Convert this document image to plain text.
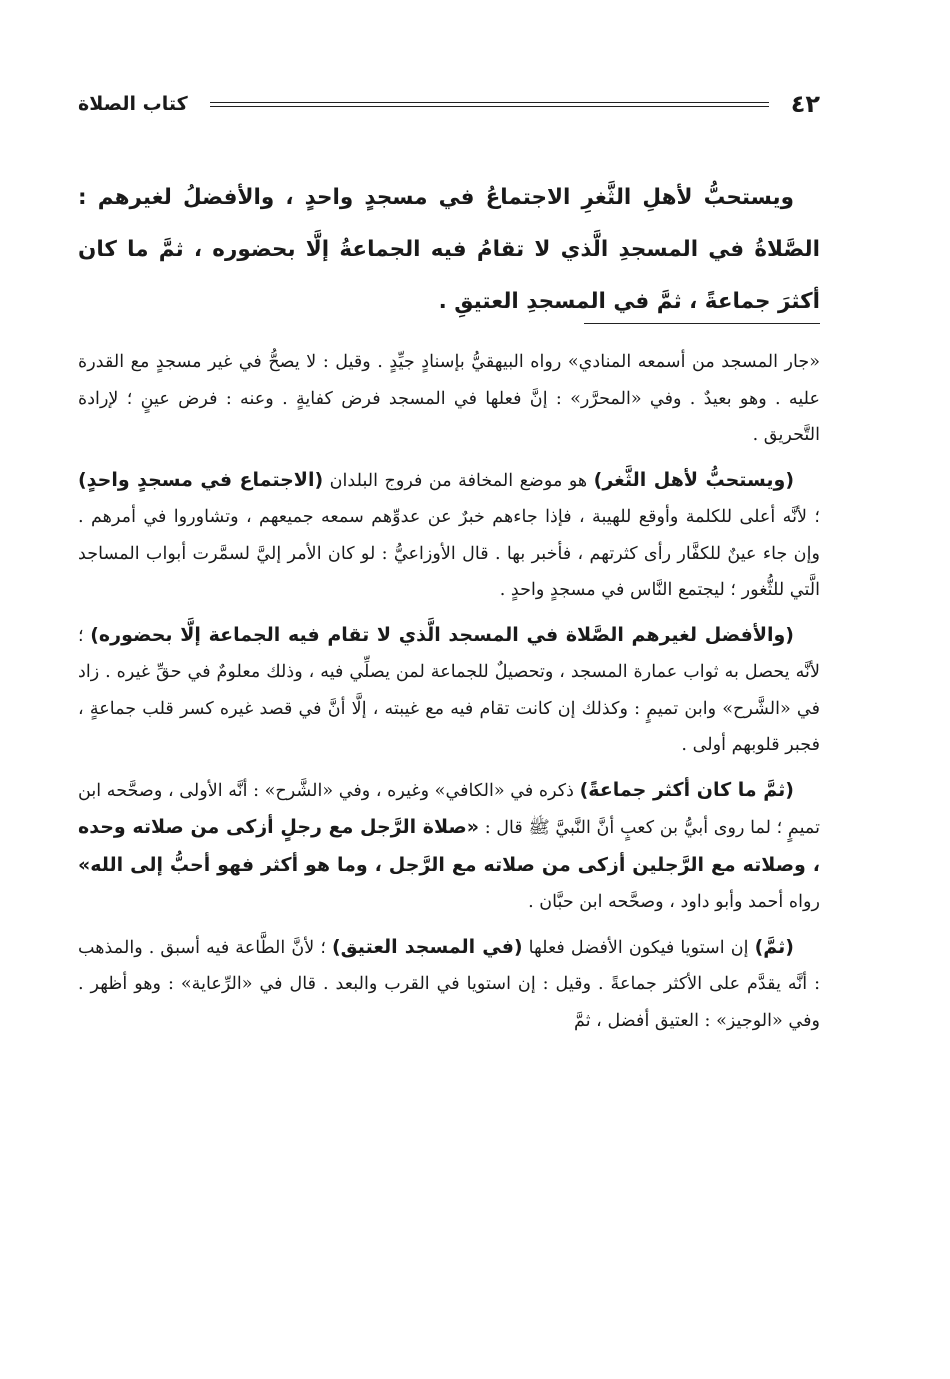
٤٢
كتاب الصلاة

ويستحبُّ لأهلِ الثَّغرِ الاجتماعُ في مسجدٍ واحدٍ ، والأفضلُ لغيرهم : الصَّلاةُ في المسجدِ الَّذي لا تقامُ فيه الجماعةُ إلَّا بحضوره ، ثمَّ ما كان أكثرَ جماعةً ، ثمَّ في المسجدِ العتيقِ .

«جار المسجد من أسمعه المنادي» رواه البيهقيُّ بإسنادٍ جيِّدٍ . وقيل : لا يصحُّ في غير مسجدٍ مع القدرة عليه . وهو بعيدٌ . وفي «المحرَّر» : إنَّ فعلها في المسجد فرض كفايةٍ . وعنه : فرض عينٍ ؛ لإرادة التَّحريق .

(ويستحبُّ لأهل الثَّغر) هو موضع المخافة من فروج البلدان (الاجتماع في مسجدٍ واحدٍ) ؛ لأنَّه أعلى للكلمة وأوقع للهيبة ، فإذا جاءهم خبرٌ عن عدوِّهم سمعه جميعهم ، وتشاوروا في أمرهم . وإن جاء عينٌ للكفَّار رأى كثرتهم ، فأخبر بها . قال الأوزاعيُّ : لو كان الأمر إليَّ لسمَّرت أبواب المساجد الَّتي للثُّغور ؛ ليجتمع النَّاس في مسجدٍ واحدٍ .

(والأفضل لغيرهم الصَّلاة في المسجد الَّذي لا تقام فيه الجماعة إلَّا بحضوره) ؛ لأنَّه يحصل به ثواب عمارة المسجد ، وتحصيلٌ للجماعة لمن يصلِّي فيه ، وذلك معلومٌ في حقِّ غيره . زاد في «الشَّرح» وابن تميمٍ : وكذلك إن كانت تقام فيه مع غيبته ، إلَّا أنَّ في قصد غيره كسر قلب جماعةٍ ، فجبر قلوبهم أولى .

(ثمَّ ما كان أكثر جماعةً) ذكره في «الكافي» وغيره ، وفي «الشَّرح» : أنَّه الأولى ، وصحَّحه ابن تميمٍ ؛ لما روى أبيُّ بن كعبٍ أنَّ النَّبيَّ ﷺ قال : «صلاة الرَّجل مع رجلٍ أزكى من صلاته وحده ، وصلاته مع الرَّجلين أزكى من صلاته مع الرَّجل ، وما هو أكثر فهو أحبُّ إلى الله» رواه أحمد وأبو داود ، وصحَّحه ابن حبَّان .

(ثمَّ) إن استويا فيكون الأفضل فعلها (في المسجد العتيق) ؛ لأنَّ الطَّاعة فيه أسبق . والمذهب : أنَّه يقدَّم على الأكثر جماعةً . وقيل : إن استويا في القرب والبعد . قال في «الرِّعاية» : وهو أظهر . وفي «الوجيز» : العتيق أفضل ، ثمَّ
